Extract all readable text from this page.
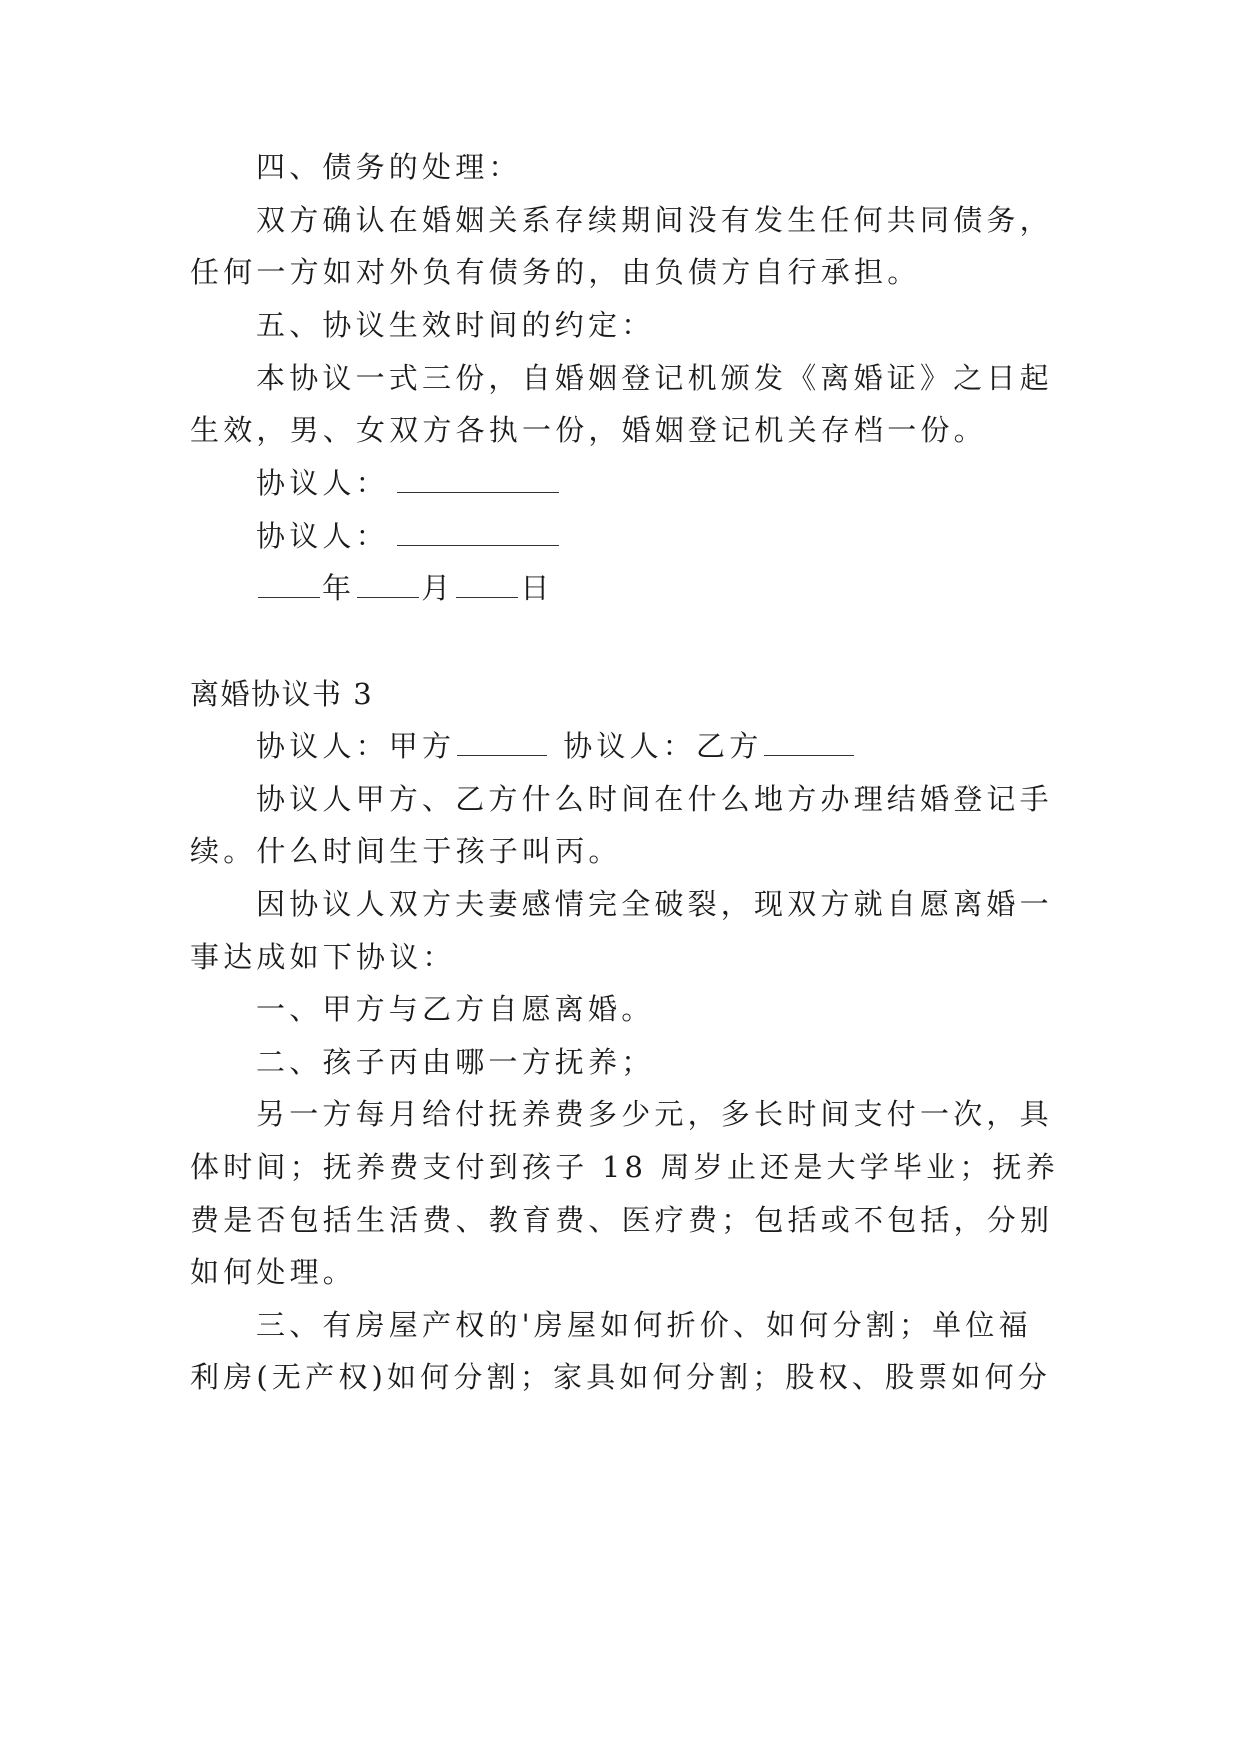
四、债务的处理：
双方确认在婚姻关系存续期间没有发生任何共同债务，
任何一方如对外负有债务的，由负债方自行承担。
五、协议生效时间的约定：
本协议一式三份，自婚姻登记机颁发《离婚证》之日起
生效，男、女双方各执一份，婚姻登记机关存档一份。
协议人：
协议人：
年 月 日
离婚协议书 3
协议人：甲方	协议人：乙方
协议人甲方、乙方什么时间在什么地方办理结婚登记手
续。什么时间生于孩子叫丙。
因协议人双方夫妻感情完全破裂，现双方就自愿离婚一
事达成如下协议：
一、甲方与乙方自愿离婚。
二、孩子丙由哪一方抚养；
另一方每月给付抚养费多少元，多长时间支付一次，具
体时间；抚养费支付到孩子 18 周岁止还是大学毕业；抚养
费是否包括生活费、教育费、医疗费；包括或不包括，分别
如何处理。
三、有房屋产权的'房屋如何折价、如何分割；单位福
利房(无产权)如何分割；家具如何分割；股权、股票如何分
